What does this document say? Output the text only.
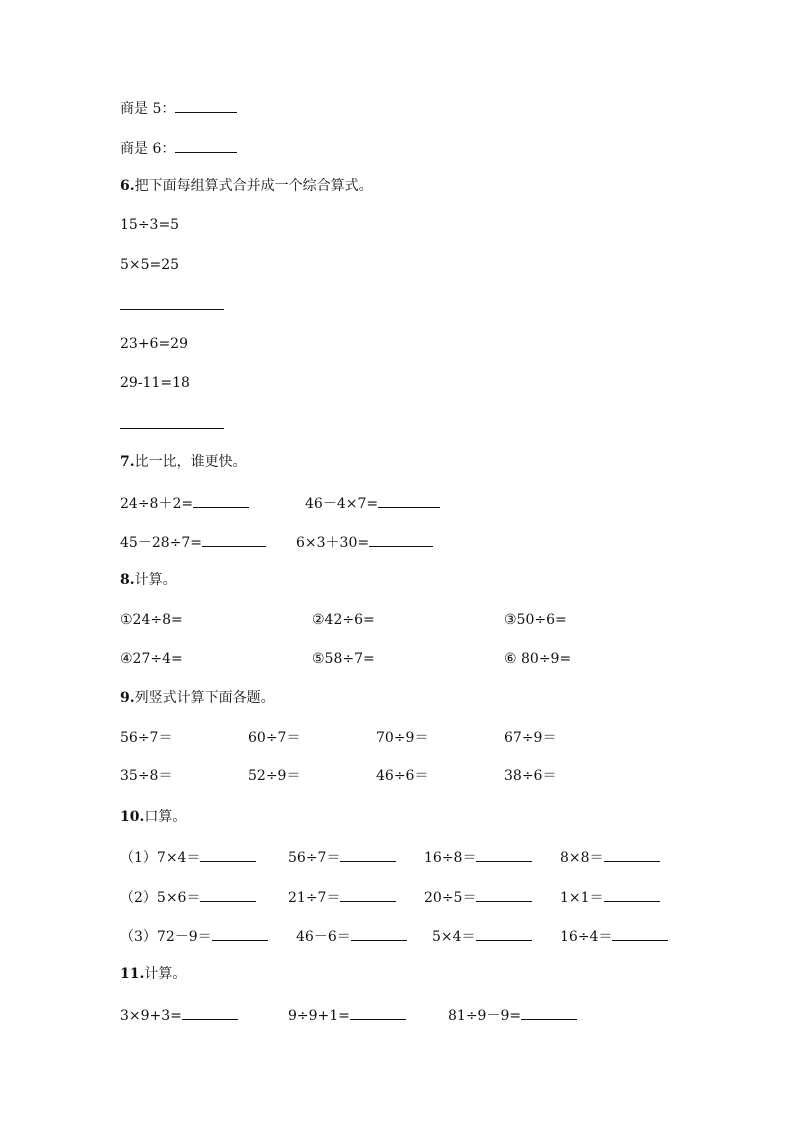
商是 5：
商是 6：
6.把下面每组算式合并成一个综合算式。
15÷3=5
5×5=25
23+6=29
29-11=18
7.比一比，谁更快。
24÷8＋2=	46－4×7=
45－28÷7=	6×3＋30=
8.计算。
①24÷8=	②42÷6=	③50÷6=
④27÷4=	⑤58÷7=	⑥ 80÷9=
9.列竖式计算下面各题。
56÷7＝	60÷7＝	70÷9＝	67÷9＝
35÷8＝	52÷9＝	46÷6＝	38÷6＝
10.口算。
（1）7×4＝	56÷7＝	16÷8＝	8×8＝
（2）5×6＝	21÷7＝	20÷5＝	1×1＝
（3）72－9＝	46－6＝	5×4＝	16÷4＝
11.计算。
3×9+3=	9÷9+1=	81÷9－9=
